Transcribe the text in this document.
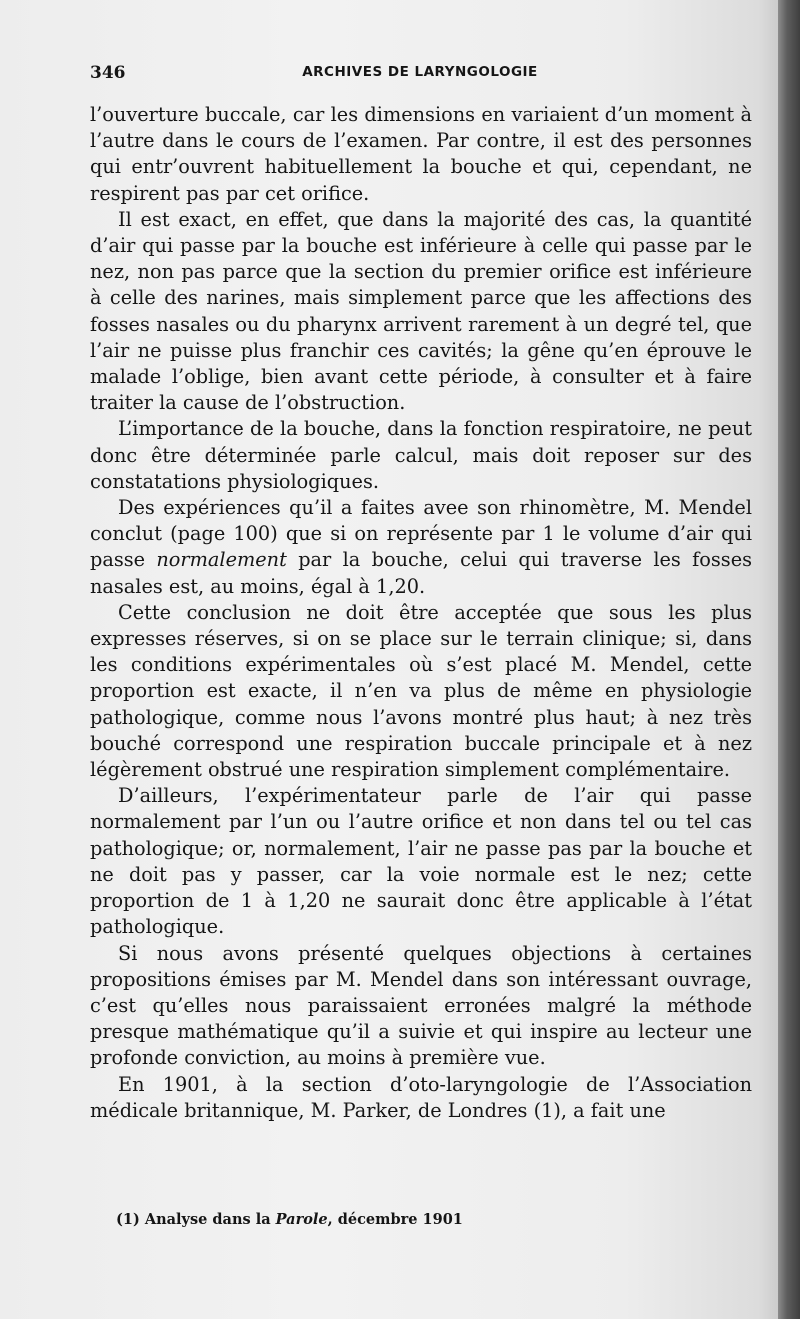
346	ARCHIVES DE LARYNGOLOGIE

l’ouverture buccale, car les dimensions en variaient d’un moment à l’autre dans le cours de l’examen. Par contre, il est des personnes qui entr’ouvrent habituellement la bouche et qui, cependant, ne respirent pas par cet orifice.

Il est exact, en effet, que dans la majorité des cas, la quantité d’air qui passe par la bouche est inférieure à celle qui passe par le nez, non pas parce que la section du premier orifice est inférieure à celle des narines, mais simplement parce que les affections des fosses nasales ou du pharynx arrivent rarement à un degré tel, que l’air ne puisse plus franchir ces cavités; la gêne qu’en éprouve le malade l’oblige, bien avant cette période, à consulter et à faire traiter la cause de l’obstruction.

L’importance de la bouche, dans la fonction respiratoire, ne peut donc être déterminée parle calcul, mais doit reposer sur des constatations physiologiques.

Des expériences qu’il a faites avee son rhinomètre, M. Mendel conclut (page 100) que si on représente par 1 le volume d’air qui passe normalement par la bouche, celui qui traverse les fosses nasales est, au moins, égal à 1,20.

Cette conclusion ne doit être acceptée que sous les plus expresses réserves, si on se place sur le terrain clinique; si, dans les conditions expérimentales où s’est placé M. Mendel, cette proportion est exacte, il n’en va plus de même en physiologie pathologique, comme nous l’avons montré plus haut; à nez très bouché correspond une respiration buccale principale et à nez légèrement obstrué une respiration simplement complémentaire.

D’ailleurs, l’expérimentateur parle de l’air qui passe normalement par l’un ou l’autre orifice et non dans tel ou tel cas pathologique; or, normalement, l’air ne passe pas par la bouche et ne doit pas y passer, car la voie normale est le nez; cette proportion de 1 à 1,20 ne saurait donc être applicable à l’état pathologique.

Si nous avons présenté quelques objections à certaines propositions émises par M. Mendel dans son intéressant ouvrage, c’est qu’elles nous paraissaient erronées malgré la méthode presque mathématique qu’il a suivie et qui inspire au lecteur une profonde conviction, au moins à première vue.

En 1901, à la section d’oto-laryngologie de l’Association médicale britannique, M. Parker, de Londres (1), a fait une

(1) Analyse dans la Parole, décembre 1901
